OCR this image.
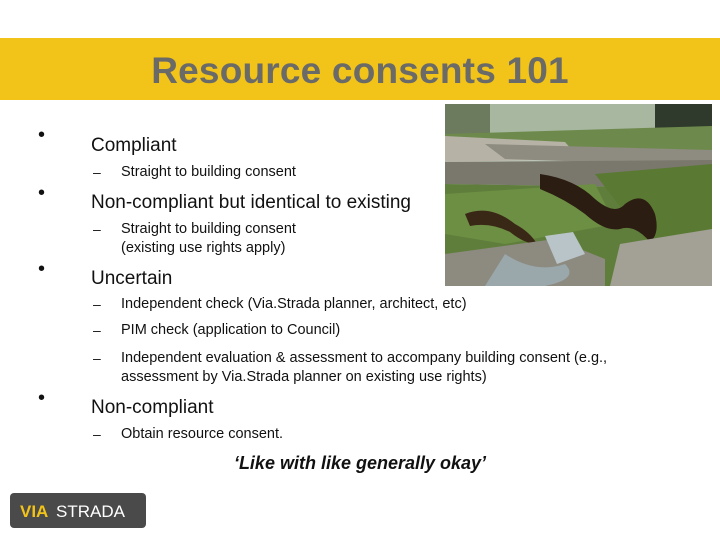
Resource consents 101
• Compliant
– Straight to building consent
• Non-compliant but identical to existing
– Straight to building consent
(existing use rights apply)
• Uncertain
– Independent check (Via.Strada planner, architect, etc)
– PIM check (application to Council)
– Independent evaluation & assessment to accompany building consent (e.g., assessment by Via.Strada planner on existing use rights)
• Non-compliant
– Obtain resource consent.
‘Like with like generally okay’
VIA STRADA
